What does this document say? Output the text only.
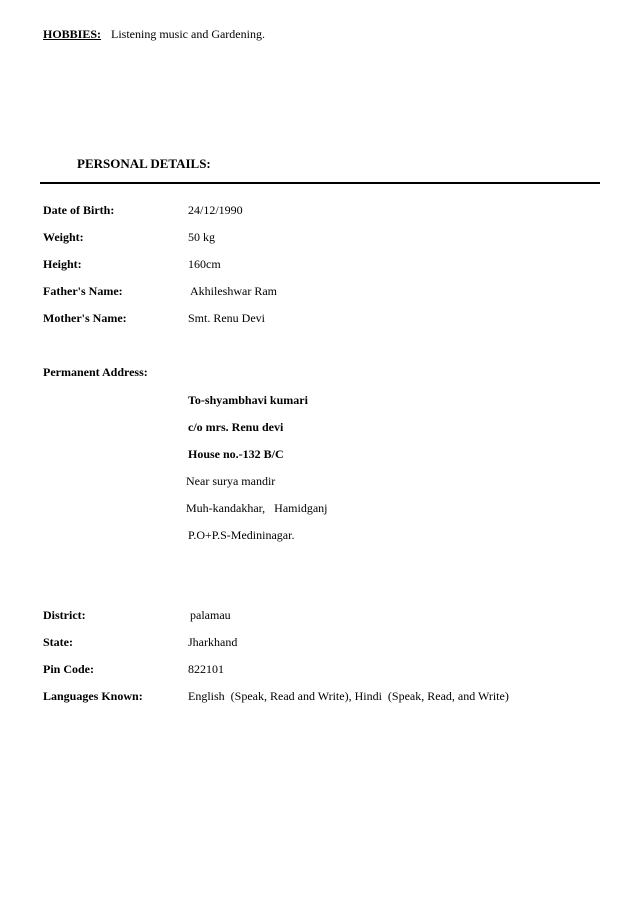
HOBBIES: Listening music and Gardening.
PERSONAL DETAILS:
Date of Birth:	24/12/1990
Weight:	50 kg
Height:	160cm
Father's Name:	Akhileshwar Ram
Mother's Name:	Smt. Renu Devi
Permanent Address:
To-shyambhavi kumari
c/o mrs. Renu devi
House no.-132 B/C
Near surya mandir
Muh-kandakhar,   Hamidganj
P.O+P.S-Medininagar.
District:	palamau
State:	Jharkhand
Pin Code:	822101
Languages Known:	English  (Speak, Read and Write), Hindi  (Speak, Read, and Write)
